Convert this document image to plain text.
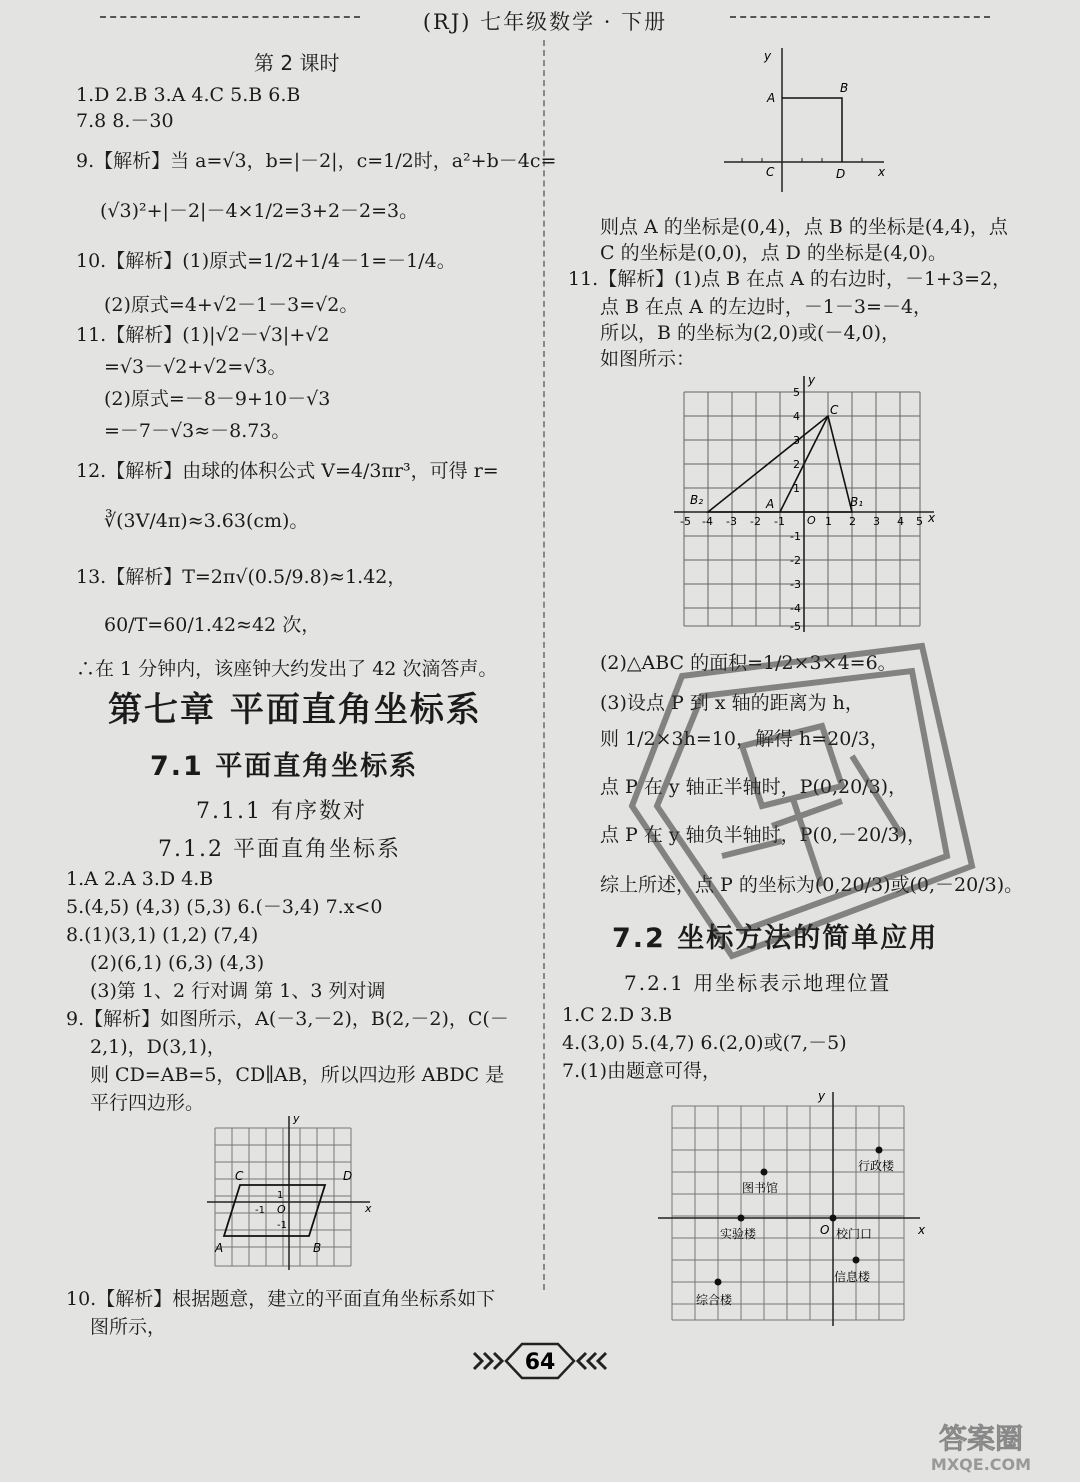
(RJ) 七年级数学 · 下册
第 2 课时
1.D 2.B 3.A 4.C 5.B 6.B
7.8 8.－30
9.【解析】当 a=√3，b=|－2|，c=1/2时，a²+b－4c=
(√3)²+|－2|－4×1/2=3+2－2=3。
10.【解析】(1)原式=1/2+1/4－1=－1/4。
(2)原式=4+√2－1－3=√2。
11.【解析】(1)|√2－√3|+√2
=√3－√2+√2=√3。
(2)原式=－8－9+10－√3
=－7－√3≈－8.73。
12.【解析】由球的体积公式 V=4/3πr³，可得 r=
∛(3V/4π)≈3.63(cm)。
13.【解析】T=2π√(0.5/9.8)≈1.42，
60/T=60/1.42≈42 次，
∴在 1 分钟内，该座钟大约发出了 42 次滴答声。
第七章 平面直角坐标系
7.1 平面直角坐标系
7.1.1 有序数对
7.1.2 平面直角坐标系
1.A 2.A 3.D 4.B
5.(4,5) (4,3) (5,3) 6.(－3,4) 7.x<0
8.(1)(3,1) (1,2) (7,4)
(2)(6,1) (6,3) (4,3)
(3)第 1、2 行对调 第 1、3 列对调
9.【解析】如图所示，A(－3,－2)，B(2,－2)，C(－
2,1)，D(3,1)，
则 CD=AB=5，CD∥AB，所以四边形 ABDC 是
平行四边形。
x
y
O
1
-1
-1
A	B
C	D
10.【解析】根据题意，建立的平面直角坐标系如下
图所示，
x
y
A
B
C	D
则点 A 的坐标是(0,4)，点 B 的坐标是(4,4)，点
C 的坐标是(0,0)，点 D 的坐标是(4,0)。
11.【解析】(1)点 B 在点 A 的右边时，－1+3=2，
点 B 在点 A 的左边时，－1－3=－4，
所以，B 的坐标为(2,0)或(－4,0)，
如图所示：
-5 -4 -3 -2 -1	1 2 3 4 5
5
4
3
2
1
-1
-2
-3
-4
-5
x
y
O
A
B₂	B₁
C
(2)△ABC 的面积=1/2×3×4=6。
(3)设点 P 到 x 轴的距离为 h，
则 1/2×3h=10，解得 h=20/3，
点 P 在 y 轴正半轴时，P(0,20/3)，
点 P 在 y 轴负半轴时，P(0,－20/3)，
综上所述，点 P 的坐标为(0,20/3)或(0,－20/3)。
7.2 坐标方法的简单应用
7.2.1 用坐标表示地理位置
1.C 2.D 3.B
4.(3,0) 5.(4,7) 6.(2,0)或(7,－5)
7.(1)由题意可得，
行政楼
图书馆
实验楼	校门口
信息楼
综合楼
x
y
O
64
答案圈
MXQE.COM
